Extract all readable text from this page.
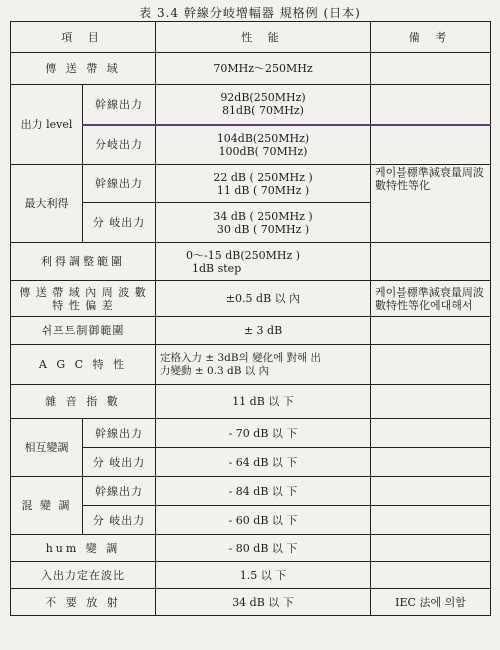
表 3.4 幹線分岐增幅器 規格例 (日本)
項 目		性 能	備 考
傳 送 帶 域		70MHz～250MHz	
出力 level	幹線出力	92dB(250MHz)
81dB( 70MHz)	

	分岐出力	104dB(250MHz)
100dB( 70MHz)	

最大利得	幹線出力	22 dB ( 250MHz )
11 dB ( 70MHz )	케이블標準減衰量周波數特性等化
	分 岐出力	34 dB ( 250MHz )
30 dB ( 70MHz )	

利得調整範圍		0～-15 dB(250MHz )
1dB step	

傳 送 帶 域 內 周 波 數 特 性 偏 差		±0.5 dB 以 內	케이블標準減衰量周波數特性等化에대해서
쉬프트制御範圍		± 3 dB	
A G C 特 性		定格入力 ± 3dB의 變化에 對해 出
力變動 ± 0.3 dB 以 內	

雜 音 指 數		11 dB 以 下	
相互變調	幹線出力	- 70 dB 以 下	
	分 岐出力	- 64 dB 以 下	
混 變 調	幹線出力	- 84 dB 以 下	
	分 岐出力	- 60 dB 以 下	
hum 變 調		- 80 dB 以 下	
入出力定在波比		1.5 以 下	
不 要 放 射		34 dB 以 下	IEC 法에 의함
